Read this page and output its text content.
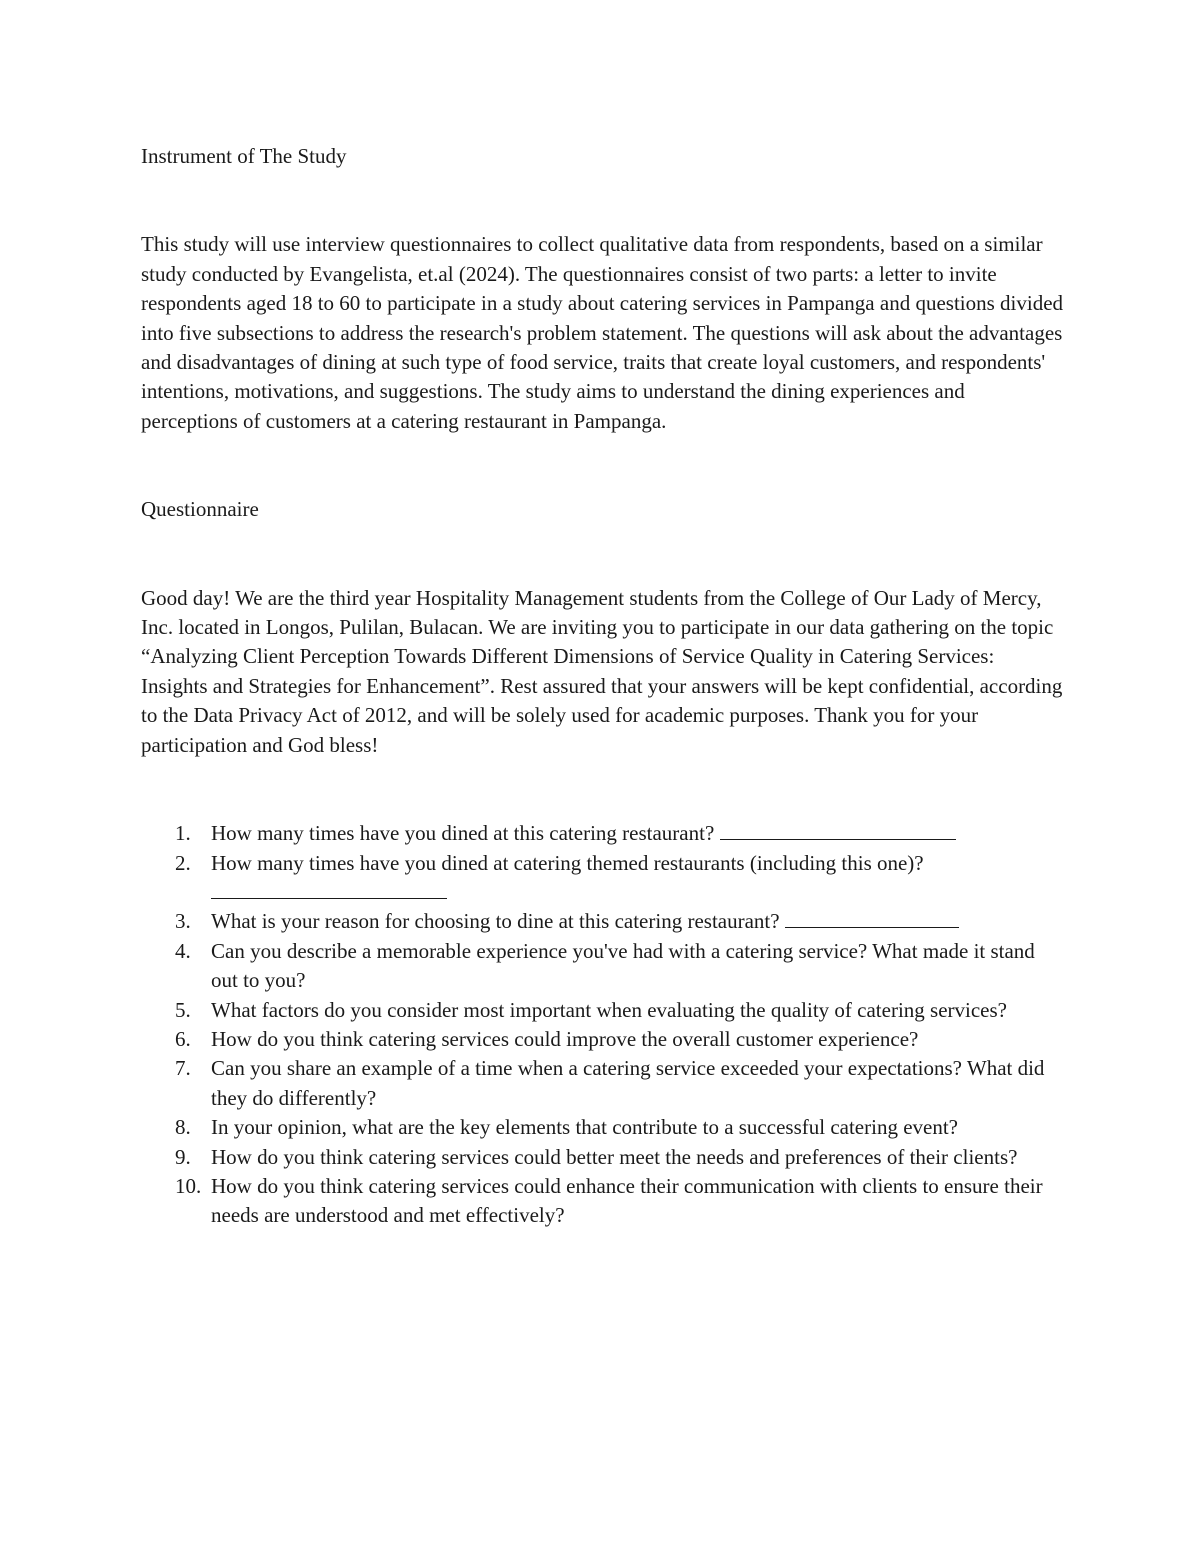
Instrument of The Study

This study will use interview questionnaires to collect qualitative data from respondents, based on a similar study conducted by Evangelista, et.al (2024). The questionnaires consist of two parts: a letter to invite respondents aged 18 to 60 to participate in a study about catering services in Pampanga and questions divided into five subsections to address the research's problem statement. The questions will ask about the advantages and disadvantages of dining at such type of food service, traits that create loyal customers, and respondents' intentions, motivations, and suggestions. The study aims to understand the dining experiences and perceptions of customers at a catering restaurant in Pampanga.

Questionnaire

Good day! We are the third year Hospitality Management students from the College of Our Lady of Mercy, Inc. located in Longos, Pulilan, Bulacan. We are inviting you to participate in our data gathering on the topic “Analyzing Client Perception Towards Different Dimensions of Service Quality in Catering Services: Insights and Strategies for Enhancement”. Rest assured that your answers will be kept confidential, according to the Data Privacy Act of 2012, and will be solely used for academic purposes. Thank you for your participation and God bless!

1. How many times have you dined at this catering restaurant?
2. How many times have you dined at catering themed restaurants (including this one)?
3. What is your reason for choosing to dine at this catering restaurant?
4. Can you describe a memorable experience you've had with a catering service? What made it stand out to you?
5. What factors do you consider most important when evaluating the quality of catering services?
6. How do you think catering services could improve the overall customer experience?
7. Can you share an example of a time when a catering service exceeded your expectations? What did they do differently?
8. In your opinion, what are the key elements that contribute to a successful catering event?
9. How do you think catering services could better meet the needs and preferences of their clients?
10. How do you think catering services could enhance their communication with clients to ensure their needs are understood and met effectively?
